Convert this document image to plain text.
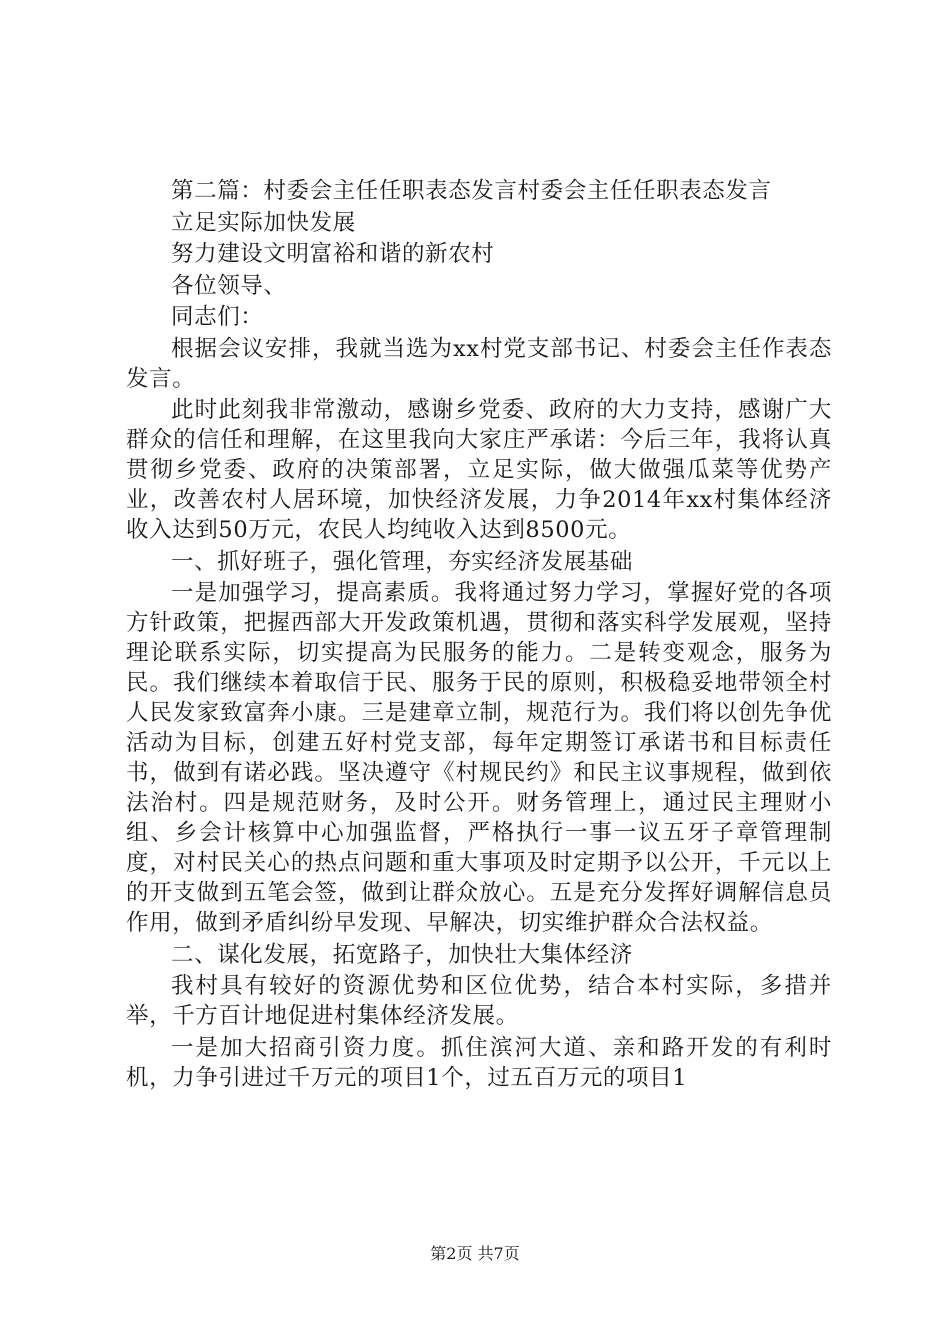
第二篇：村委会主任任职表态发言村委会主任任职表态发言

立足实际加快发展

努力建设文明富裕和谐的新农村

各位领导、

同志们：

根据会议安排，我就当选为xx村党支部书记、村委会主任作表态发言。

此时此刻我非常激动，感谢乡党委、政府的大力支持，感谢广大群众的信任和理解，在这里我向大家庄严承诺：今后三年，我将认真贯彻乡党委、政府的决策部署，立足实际，做大做强瓜菜等优势产业，改善农村人居环境，加快经济发展，力争2014年xx村集体经济收入达到50万元，农民人均纯收入达到8500元。

一、抓好班子，强化管理，夯实经济发展基础

一是加强学习，提高素质。我将通过努力学习，掌握好党的各项方针政策，把握西部大开发政策机遇，贯彻和落实科学发展观，坚持理论联系实际，切实提高为民服务的能力。二是转变观念，服务为民。我们继续本着取信于民、服务于民的原则，积极稳妥地带领全村人民发家致富奔小康。三是建章立制，规范行为。我们将以创先争优活动为目标，创建五好村党支部，每年定期签订承诺书和目标责任书，做到有诺必践。坚决遵守《村规民约》和民主议事规程，做到依法治村。四是规范财务，及时公开。财务管理上，通过民主理财小组、乡会计核算中心加强监督，严格执行一事一议五牙子章管理制度，对村民关心的热点问题和重大事项及时定期予以公开，千元以上的开支做到五笔会签，做到让群众放心。五是充分发挥好调解信息员作用，做到矛盾纠纷早发现、早解决，切实维护群众合法权益。

二、谋化发展，拓宽路子，加快壮大集体经济

我村具有较好的资源优势和区位优势，结合本村实际，多措并举，千方百计地促进村集体经济发展。

一是加大招商引资力度。抓住滨河大道、亲和路开发的有利时机，力争引进过千万元的项目1个，过五百万元的项目1

第2页 共7页
